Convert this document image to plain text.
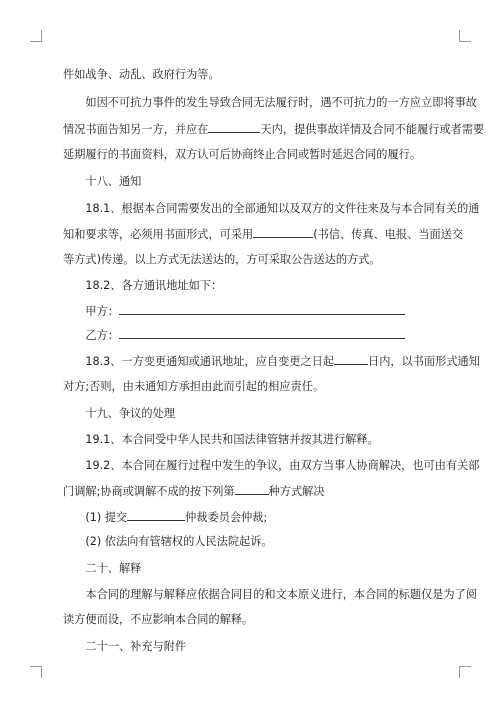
件如战争、动乱、政府行为等。
　　如因不可抗力事件的发生导致合同无法履行时，遇不可抗力的一方应立即将事故
情况书面告知另一方，并应在	天内，提供事故详情及合同不能履行或者需要
延期履行的书面资料，双方认可后协商终止合同或暂时延迟合同的履行。
　　十八、通知
　　18.1、根据本合同需要发出的全部通知以及双方的文件往来及与本合同有关的通
知和要求等，必须用书面形式，可采用	(书信、传真、电报、当面送交
等方式)传递。以上方式无法送达的，方可采取公告送达的方式。
　　18.2、各方通讯地址如下：
　　甲方：
　　乙方：
　　18.3、一方变更通知或通讯地址，应自变更之日起	日内，以书面形式通知
对方;否则，由未通知方承担由此而引起的相应责任。
　　十九、争议的处理
　　19.1、本合同受中华人民共和国法律管辖并按其进行解释。
　　19.2、本合同在履行过程中发生的争议，由双方当事人协商解决，也可由有关部
门调解;协商或调解不成的按下列第	种方式解决
　　(1) 提交	仲裁委员会仲裁;
　　(2) 依法向有管辖权的人民法院起诉。
　　二十、解释
　　本合同的理解与解释应依据合同目的和文本原义进行，本合同的标题仅是为了阅
读方便而设，不应影响本合同的解释。
　　二十一、补充与附件
